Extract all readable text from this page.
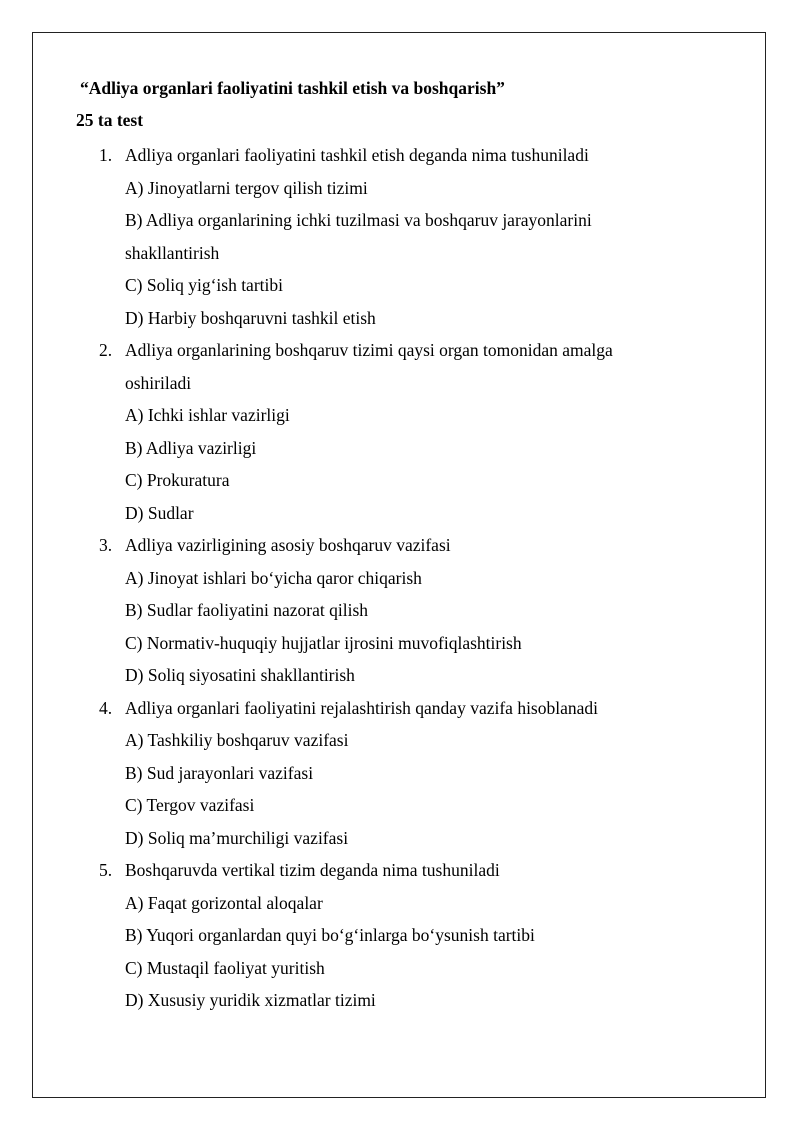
“Adliya organlari faoliyatini tashkil etish va boshqarish”
25 ta test
1. Adliya organlari faoliyatini tashkil etish deganda nima tushuniladi
A) Jinoyatlarni tergov qilish tizimi
B) Adliya organlarining ichki tuzilmasi va boshqaruv jarayonlarini shakllantirish
C) Soliq yig‘ish tartibi
D) Harbiy boshqaruvni tashkil etish
2. Adliya organlarining boshqaruv tizimi qaysi organ tomonidan amalga oshiriladi
A) Ichki ishlar vazirligi
B) Adliya vazirligi
C) Prokuratura
D) Sudlar
3. Adliya vazirligining asosiy boshqaruv vazifasi
A) Jinoyat ishlari bo‘yicha qaror chiqarish
B) Sudlar faoliyatini nazorat qilish
C) Normativ-huquqiy hujjatlar ijrosini muvofiqlashtirish
D) Soliq siyosatini shakllantirish
4. Adliya organlari faoliyatini rejalashtirish qanday vazifa hisoblanadi
A) Tashkiliy boshqaruv vazifasi
B) Sud jarayonlari vazifasi
C) Tergov vazifasi
D) Soliq ma’murchiligi vazifasi
5. Boshqaruvda vertikal tizim deganda nima tushuniladi
A) Faqat gorizontal aloqalar
B) Yuqori organlardan quyi bo‘g‘inlarga bo‘ysunish tartibi
C) Mustaqil faoliyat yuritish
D) Xususiy yuridik xizmatlar tizimi
